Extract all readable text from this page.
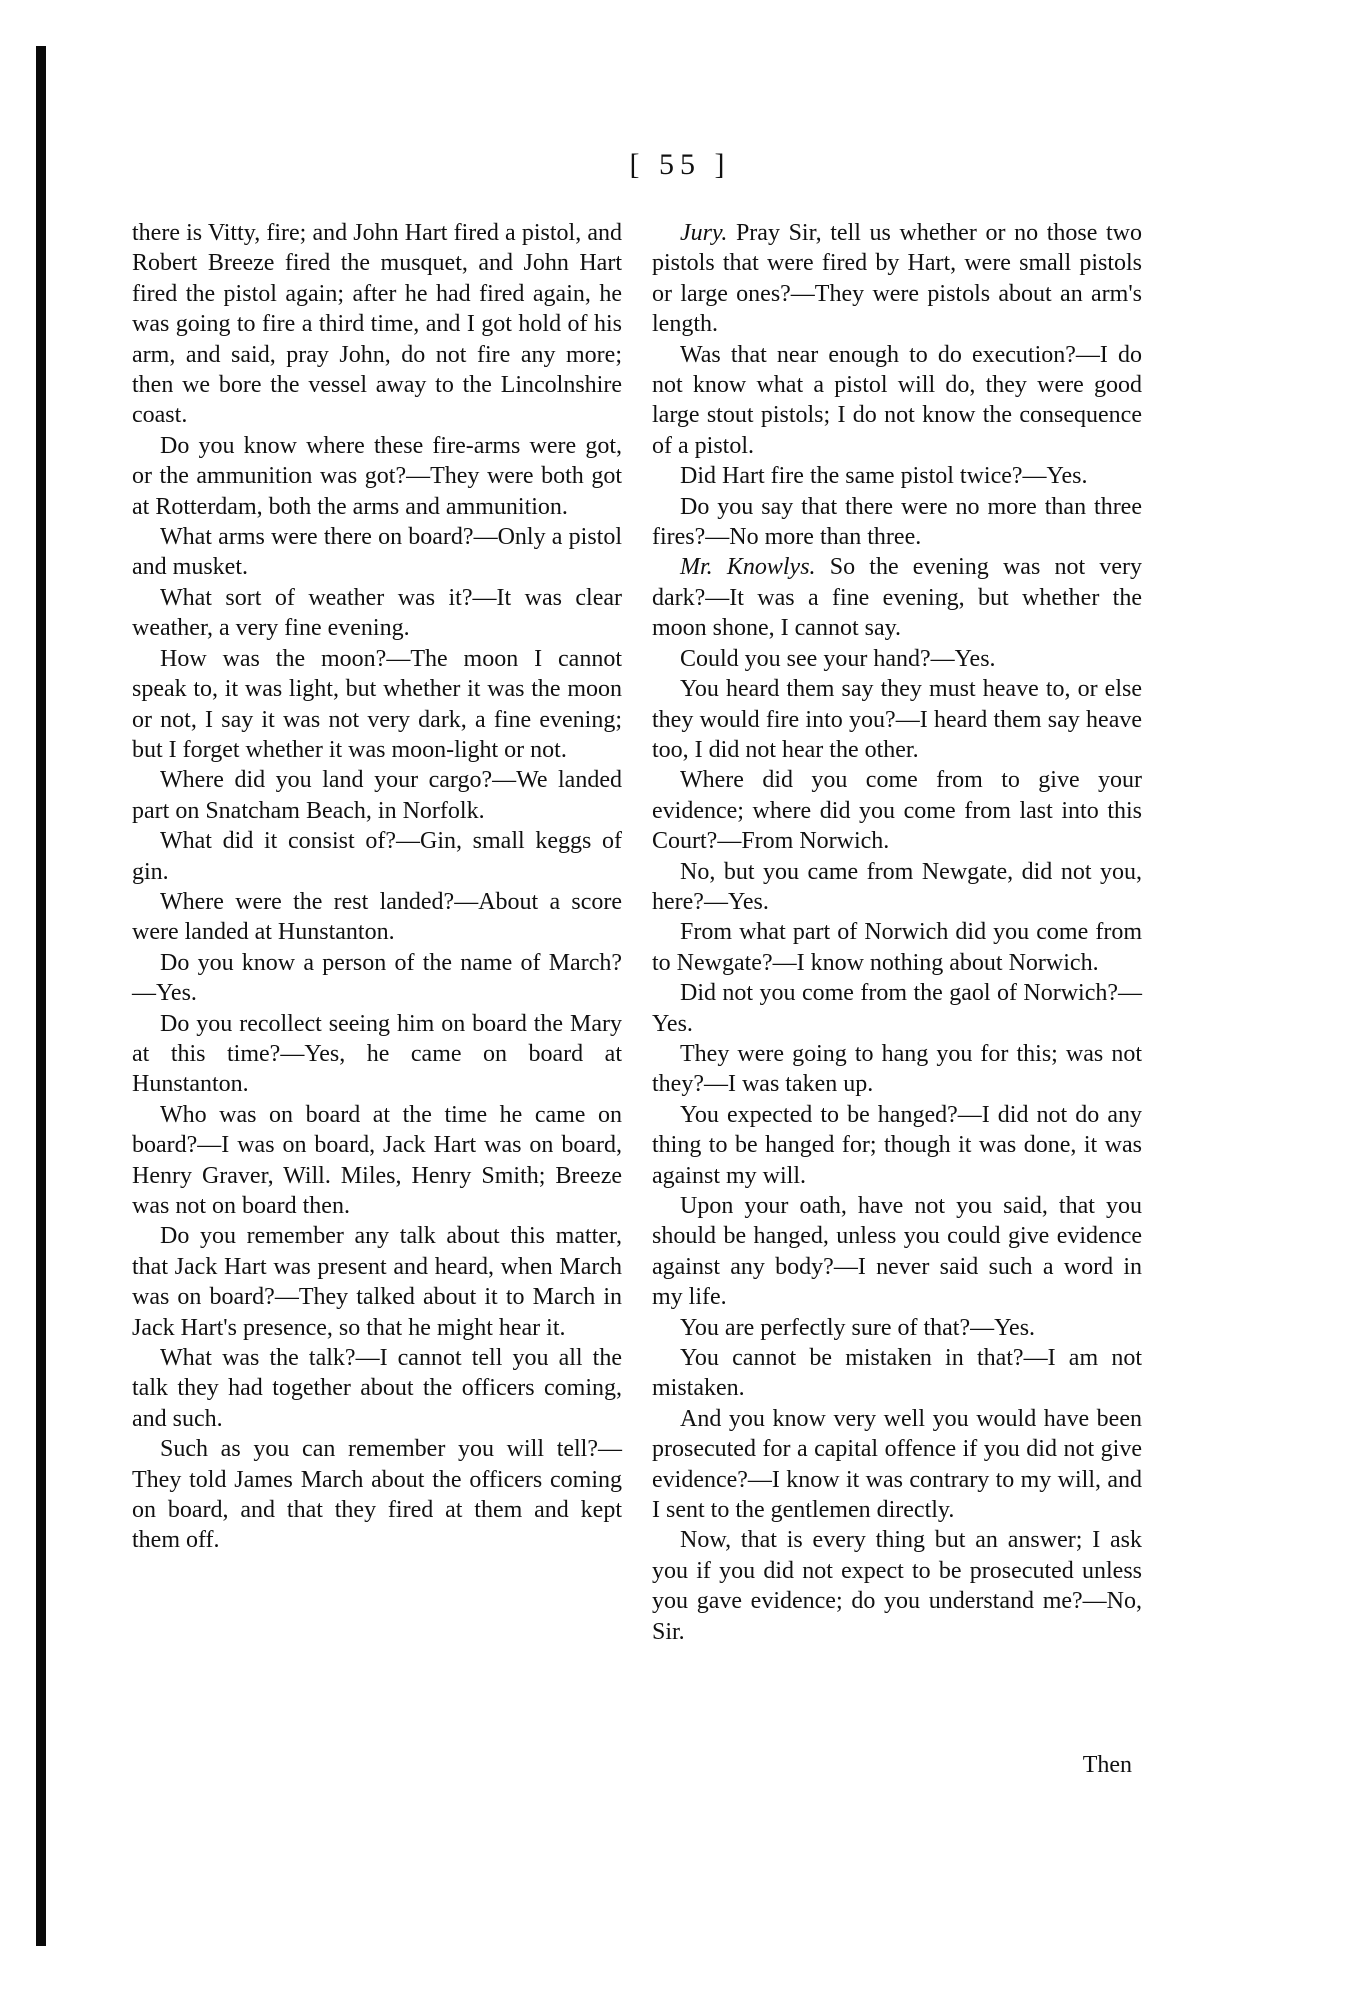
[ 55 ]

there is Vitty, fire; and John Hart fired a pistol, and Robert Breeze fired the musquet, and John Hart fired the pistol again; after he had fired again, he was going to fire a third time, and I got hold of his arm, and said, pray John, do not fire any more; then we bore the vessel away to the Lincolnshire coast.

Do you know where these fire-arms were got, or the ammunition was got?—They were both got at Rotterdam, both the arms and ammunition.

What arms were there on board?—Only a pistol and musket.

What sort of weather was it?—It was clear weather, a very fine evening.

How was the moon?—The moon I cannot speak to, it was light, but whether it was the moon or not, I say it was not very dark, a fine evening; but I forget whether it was moon-light or not.

Where did you land your cargo?—We landed part on Snatcham Beach, in Norfolk.

What did it consist of?—Gin, small keggs of gin.

Where were the rest landed?—About a score were landed at Hunstanton.

Do you know a person of the name of March?—Yes.

Do you recollect seeing him on board the Mary at this time?—Yes, he came on board at Hunstanton.

Who was on board at the time he came on board?—I was on board, Jack Hart was on board, Henry Graver, Will. Miles, Henry Smith; Breeze was not on board then.

Do you remember any talk about this matter, that Jack Hart was present and heard, when March was on board?—They talked about it to March in Jack Hart's presence, so that he might hear it.

What was the talk?—I cannot tell you all the talk they had together about the officers coming, and such.

Such as you can remember you will tell?—They told James March about the officers coming on board, and that they fired at them and kept them off.

Jury. Pray Sir, tell us whether or no those two pistols that were fired by Hart, were small pistols or large ones?—They were pistols about an arm's length.

Was that near enough to do execution?—I do not know what a pistol will do, they were good large stout pistols; I do not know the consequence of a pistol.

Did Hart fire the same pistol twice?—Yes.

Do you say that there were no more than three fires?—No more than three.

Mr. Knowlys. So the evening was not very dark?—It was a fine evening, but whether the moon shone, I cannot say.

Could you see your hand?—Yes.

You heard them say they must heave to, or else they would fire into you?—I heard them say heave too, I did not hear the other.

Where did you come from to give your evidence; where did you come from last into this Court?—From Norwich.

No, but you came from Newgate, did not you, here?—Yes.

From what part of Norwich did you come from to Newgate?—I know nothing about Norwich.

Did not you come from the gaol of Norwich?—Yes.

They were going to hang you for this; was not they?—I was taken up.

You expected to be hanged?—I did not do any thing to be hanged for; though it was done, it was against my will.

Upon your oath, have not you said, that you should be hanged, unless you could give evidence against any body?—I never said such a word in my life.

You are perfectly sure of that?—Yes.

You cannot be mistaken in that?—I am not mistaken.

And you know very well you would have been prosecuted for a capital offence if you did not give evidence?—I know it was contrary to my will, and I sent to the gentlemen directly.

Now, that is every thing but an answer; I ask you if you did not expect to be prosecuted unless you gave evidence; do you understand me?—No, Sir.

Then
